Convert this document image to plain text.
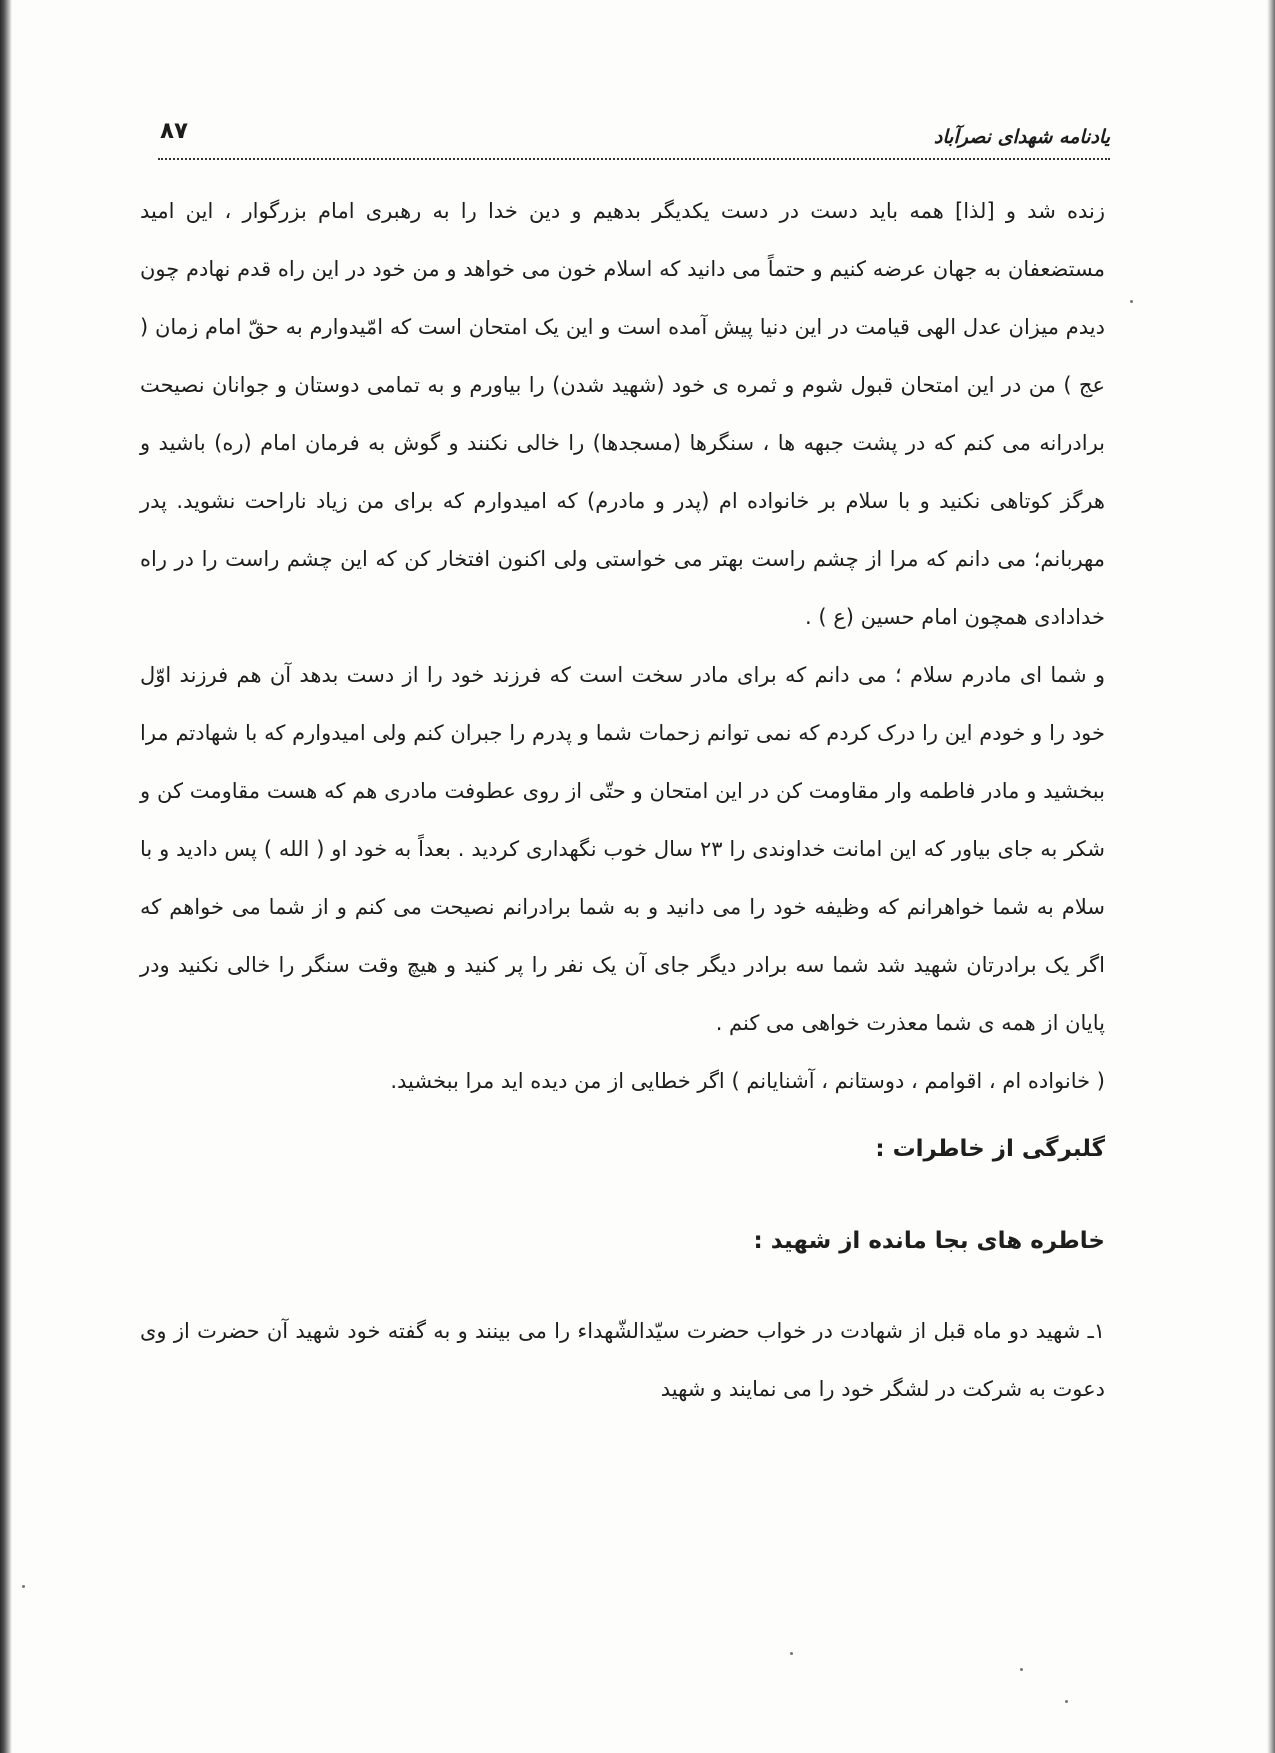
۸۷	یادنامه شهدای نصرآباد

زنده شد و [لذا] همه باید دست در دست یکدیگر بدهیم و دین خدا را به رهبری امام بزرگوار ، این امید مستضعفان به جهان عرضه کنیم و حتماً می دانید که اسلام خون می خواهد و من خود در این راه قدم نهادم چون دیدم میزان عدل الهی قیامت در این دنیا پیش آمده است و این یک امتحان است که امّیدوارم به حقّ امام زمان ( عج ) من در این امتحان قبول شوم و ثمره ی خود (شهید شدن) را بیاورم و به تمامی دوستان و جوانان نصیحت برادرانه می کنم که در پشت جبهه ها ، سنگرها (مسجدها) را خالی نکنند و گوش به فرمان امام (ره) باشید و هرگز کوتاهی نکنید و با سلام بر خانواده ام (پدر و مادرم) که امیدوارم که برای من زیاد ناراحت نشوید. پدر مهربانم؛ می دانم که مرا از چشم راست بهتر می خواستی ولی اکنون افتخار کن که این چشم راست را در راه خدادادی همچون امام حسین (ع ) .

و شما ای مادرم سلام ؛ می دانم که برای مادر سخت است که فرزند خود را از دست بدهد آن هم فرزند اوّل خود را و خودم این را درک کردم که نمی توانم زحمات شما و پدرم را جبران کنم ولی امیدوارم که با شهادتم مرا ببخشید و مادر فاطمه وار مقاومت کن در این امتحان و حتّی از روی عطوفت مادری هم که هست مقاومت کن و شکر به جای بیاور که این امانت خداوندی را ۲۳ سال خوب نگهداری کردید . بعداً به خود او ( الله ) پس دادید و با سلام به شما خواهرانم که وظیفه خود را می دانید و به شما برادرانم نصیحت می کنم و از شما می خواهم که اگر یک برادرتان شهید شد شما سه برادر دیگر جای آن یک نفر را پر کنید و هیچ وقت سنگر را خالی نکنید ودر پایان از همه ی شما معذرت خواهی می کنم .

( خانواده ام ، اقوامم ، دوستانم ، آشنایانم ) اگر خطایی از من دیده اید مرا ببخشید.

گلبرگی از خاطرات :

خاطره های بجا مانده از شهید :

۱ـ شهید دو ماه قبل از شهادت در خواب حضرت سیّدالشّهداء را می بینند و به گفته خود شهید آن حضرت از وی دعوت به شرکت در لشگر خود را می نمایند و شهید
